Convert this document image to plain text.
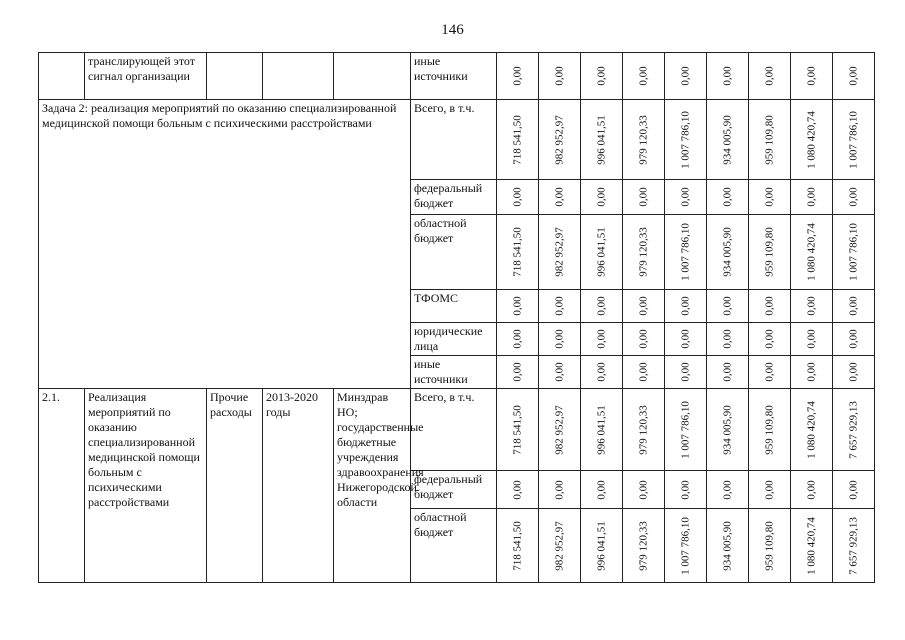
146
	транслирующей этот сигнал организации				иные источники	0,00	0,00	0,00	0,00	0,00	0,00	0,00	0,00	0,00

Задача 2: реализация мероприятий по оказанию специализированной медицинской помощи больным с психическими расстройствами					Всего, в т.ч.	718 541,50	982 952,97	996 041,51	979 120,33	1 007 786,10	934 005,90	959 109,80	1 080 420,74	1 007 786,10

					федеральный бюджет	0,00	0,00	0,00	0,00	0,00	0,00	0,00	0,00	0,00

					областной бюджет	718 541,50	982 952,97	996 041,51	979 120,33	1 007 786,10	934 005,90	959 109,80	1 080 420,74	1 007 786,10

					ТФОМС	0,00	0,00	0,00	0,00	0,00	0,00	0,00	0,00	0,00

					юридические лица	0,00	0,00	0,00	0,00	0,00	0,00	0,00	0,00	0,00

					иные источники	0,00	0,00	0,00	0,00	0,00	0,00	0,00	0,00	0,00

2.1.	Реализация мероприятий по оказанию специализированной медицинской помощи больным с психическими расстройствами	Прочие расходы	2013-2020 годы	Минздрав НО; государственные бюджетные учреждения здравоохранения Нижегородской области	Всего, в т.ч.	718 541,50	982 952,97	996 041,51	979 120,33	1 007 786,10	934 005,90	959 109,80	1 080 420,74	7 657 929,13

					федеральный бюджет	0,00	0,00	0,00	0,00	0,00	0,00	0,00	0,00	0,00

					областной бюджет	718 541,50	982 952,97	996 041,51	979 120,33	1 007 786,10	934 005,90	959 109,80	1 080 420,74	7 657 929,13
